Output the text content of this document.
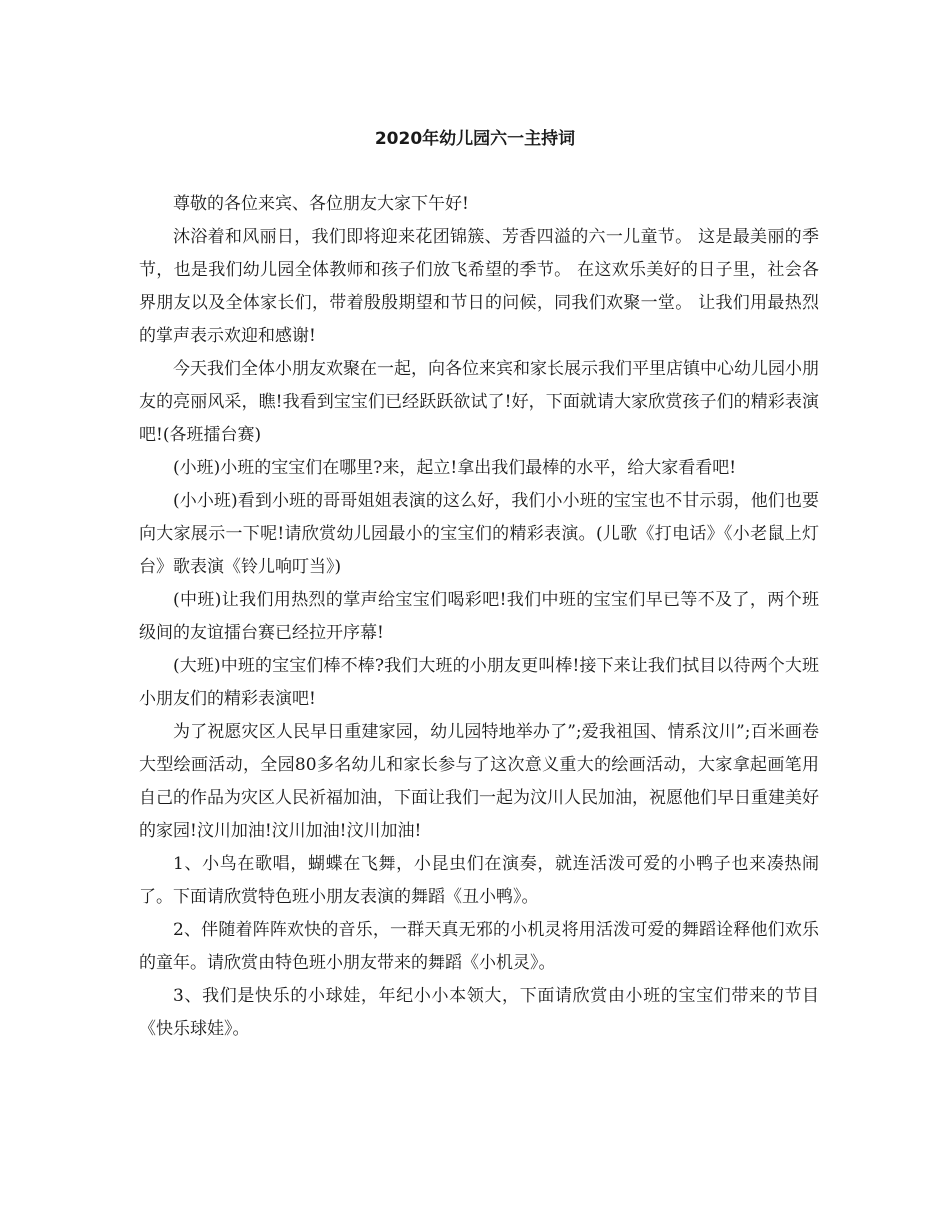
2020年幼儿园六一主持词

尊敬的各位来宾、各位朋友大家下午好!

沐浴着和风丽日，我们即将迎来花团锦簇、芳香四溢的六一儿童节。 这是最美丽的季节，也是我们幼儿园全体教师和孩子们放飞希望的季节。 在这欢乐美好的日子里，社会各界朋友以及全体家长们，带着殷殷期望和节日的问候，同我们欢聚一堂。 让我们用最热烈的掌声表示欢迎和感谢!

今天我们全体小朋友欢聚在一起，向各位来宾和家长展示我们平里店镇中心幼儿园小朋友的亮丽风采，瞧!我看到宝宝们已经跃跃欲试了!好，下面就请大家欣赏孩子们的精彩表演吧!(各班擂台赛)

(小班)小班的宝宝们在哪里?来，起立!拿出我们最棒的水平，给大家看看吧!

(小小班)看到小班的哥哥姐姐表演的这么好，我们小小班的宝宝也不甘示弱，他们也要向大家展示一下呢!请欣赏幼儿园最小的宝宝们的精彩表演。(儿歌《打电话》《小老鼠上灯台》歌表演《铃儿响叮当》)

(中班)让我们用热烈的掌声给宝宝们喝彩吧!我们中班的宝宝们早已等不及了，两个班级间的友谊擂台赛已经拉开序幕!

(大班)中班的宝宝们棒不棒?我们大班的小朋友更叫棒!接下来让我们拭目以待两个大班小朋友们的精彩表演吧!

为了祝愿灾区人民早日重建家园，幼儿园特地举办了”;爱我祖国、情系汶川”;百米画卷大型绘画活动，全园80多名幼儿和家长参与了这次意义重大的绘画活动，大家拿起画笔用自己的作品为灾区人民祈福加油，下面让我们一起为汶川人民加油，祝愿他们早日重建美好的家园!汶川加油!汶川加油!汶川加油!

1、小鸟在歌唱，蝴蝶在飞舞，小昆虫们在演奏，就连活泼可爱的小鸭子也来凑热闹了。下面请欣赏特色班小朋友表演的舞蹈《丑小鸭》。

2、伴随着阵阵欢快的音乐，一群天真无邪的小机灵将用活泼可爱的舞蹈诠释他们欢乐的童年。请欣赏由特色班小朋友带来的舞蹈《小机灵》。

3、我们是快乐的小球娃，年纪小小本领大，下面请欣赏由小班的宝宝们带来的节目《快乐球娃》。
